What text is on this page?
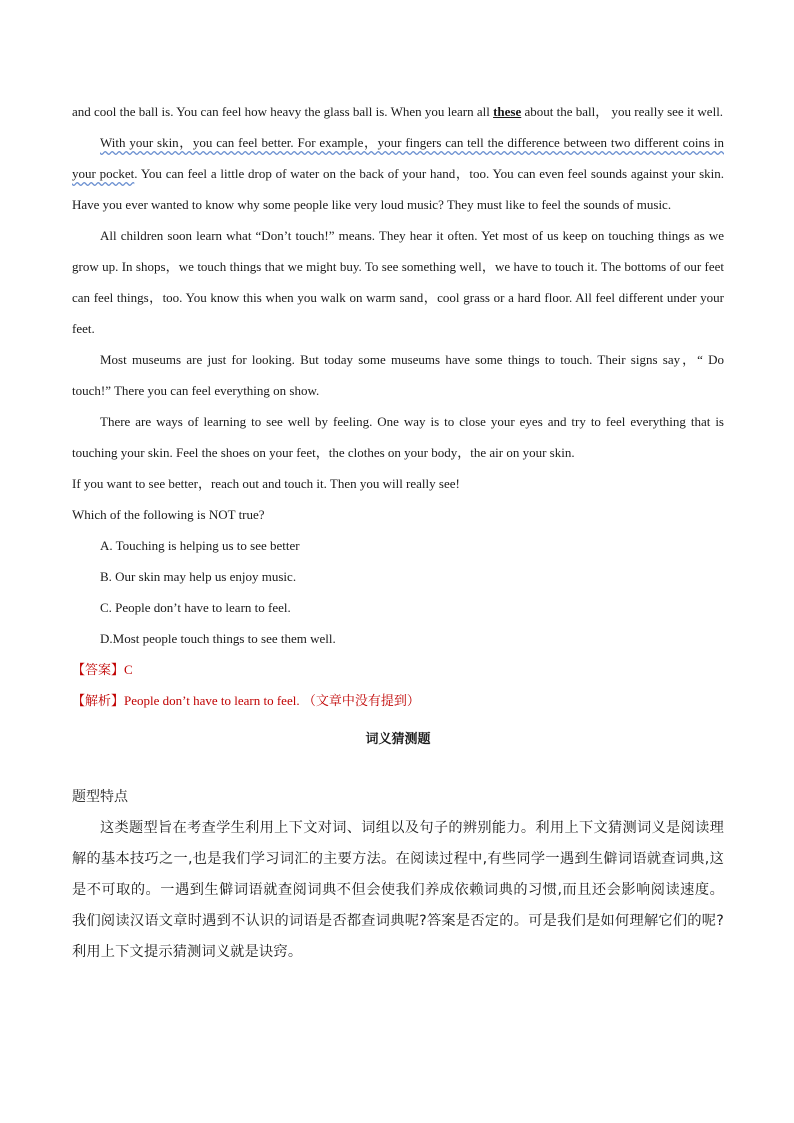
and cool the ball is. You can feel how heavy the glass ball is. When you learn all these about the ball， you really see it well.

With your skin，you can feel better. For example，your fingers can tell the difference between two different coins in your pocket. You can feel a little drop of water on the back of your hand，too. You can even feel sounds against your skin. Have you ever wanted to know why some people like very loud music? They must like to feel the sounds of music.

All children soon learn what “Don’t touch!” means. They hear it often. Yet most of us keep on touching things as we grow up. In shops，we touch things that we might buy. To see something well，we have to touch it. The bottoms of our feet can feel things，too. You know this when you walk on warm sand，cool grass or a hard floor. All feel different under your feet.

Most museums are just for looking. But today some museums have some things to touch. Their signs say，“ Do touch!” There you can feel everything on show.

There are ways of learning to see well by feeling. One way is to close your eyes and try to feel everything that is touching your skin. Feel the shoes on your feet，the clothes on your body，the air on your skin.

If you want to see better，reach out and touch it. Then you will really see!

Which of the following is NOT true?

A. Touching is helping us to see better

B. Our skin may help us enjoy music.

C. People don’t have to learn to feel.

D.Most people touch things to see them well.

【答案】C

【解析】People don’t have to learn to feel. （文章中没有提到）

词义猜测题

题型特点

这类题型旨在考查学生利用上下文对词、词组以及句子的辨别能力。利用上下文猜测词义是阅读理解的基本技巧之一,也是我们学习词汇的主要方法。在阅读过程中,有些同学一遇到生僻词语就查词典,这是不可取的。一遇到生僻词语就查阅词典不但会使我们养成依赖词典的习惯,而且还会影响阅读速度。我们阅读汉语文章时遇到不认识的词语是否都查词典呢?答案是否定的。可是我们是如何理解它们的呢?利用上下文提示猜测词义就是诀窍。
